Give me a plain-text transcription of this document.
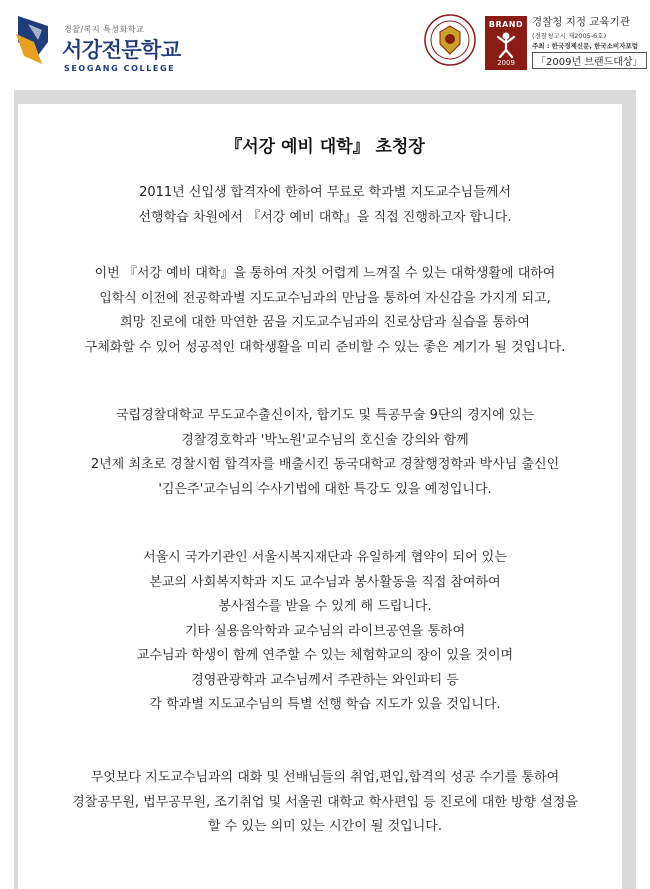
경찰/복지 특성화학교
서강전문학교
SEOGANG COLLEGE
BRAND
2009
경찰청 지정 교육기관
(경찰청고시 제2005-6호)
주최 : 한국경제신문, 한국소비자포럼
「2009년 브랜드대상」
『서강 예비 대학』 초청장
2011년 신입생 합격자에 한하여 무료로 학과별 지도교수님들께서
선행학습 차원에서 『서강 예비 대학』을 직접 진행하고자 합니다.
이번 『서강 예비 대학』을 통하여 자칫 어렵게 느껴질 수 있는 대학생활에 대하여
입학식 이전에 전공학과별 지도교수님과의 만남을 통하여 자신감을 가지게 되고,
희망 진로에 대한 막연한 꿈을 지도교수님과의 진로상담과 실습을 통하여
구체화할 수 있어 성공적인 대학생활을 미리 준비할 수 있는 좋은 계기가 될 것입니다.
국립경찰대학교 무도교수출신이자, 합기도 및 특공무술 9단의 경지에 있는
경찰경호학과 '박노원'교수님의 호신술 강의와 함께
2년제 최초로 경찰시험 합격자를 배출시킨 동국대학교 경찰행정학과 박사님 출신인
'김은주'교수님의 수사기법에 대한 특강도 있을 예정입니다.
서울시 국가기관인 서울시복지재단과 유일하게 협약이 되어 있는
본교의 사회복지학과 지도 교수님과 봉사활동을 직접 참여하여
봉사점수를 받을 수 있게 해 드립니다.
기타 실용음악학과 교수님의 라이브공연을 통하여
교수님과 학생이 함께 연주할 수 있는 체험학교의 장이 있을 것이며
경영관광학과 교수님께서 주관하는 와인파티 등
각 학과별 지도교수님의 특별 선행 학습 지도가 있을 것입니다.
무엇보다 지도교수님과의 대화 및 선배님들의 취업,편입,합격의 성공 수기를 통하여
경찰공무원, 법무공무원, 조기취업 및 서울권 대학교 학사편입 등 진로에 대한 방향 설정을
할 수 있는 의미 있는 시간이 될 것입니다.
